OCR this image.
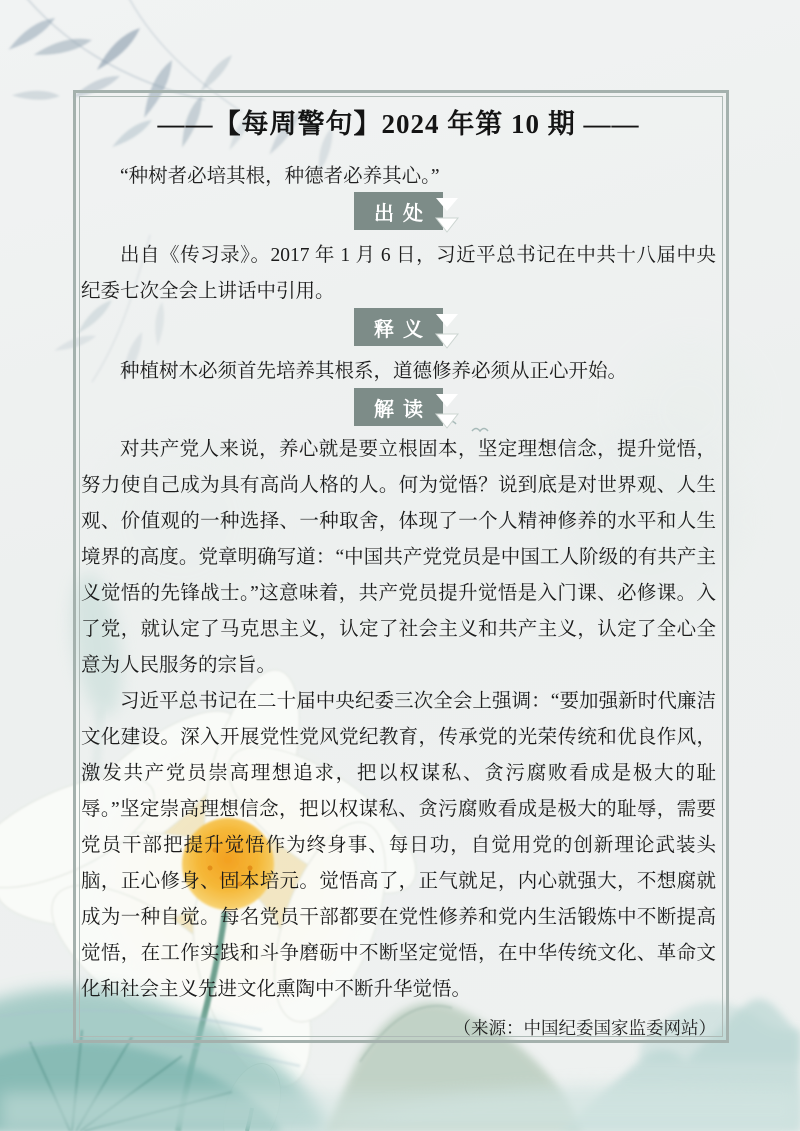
——【每周警句】2024 年第 10 期 ——

“种树者必培其根，种德者必养其心。”

出处

出自《传习录》。2017 年 1 月 6 日，习近平总书记在中共十八届中央纪委七次全会上讲话中引用。

释义

种植树木必须首先培养其根系，道德修养必须从正心开始。

解读

对共产党人来说，养心就是要立根固本，坚定理想信念，提升觉悟，努力使自己成为具有高尚人格的人。何为觉悟？说到底是对世界观、人生观、价值观的一种选择、一种取舍，体现了一个人精神修养的水平和人生境界的高度。党章明确写道：“中国共产党党员是中国工人阶级的有共产主义觉悟的先锋战士。”这意味着，共产党员提升觉悟是入门课、必修课。入了党，就认定了马克思主义，认定了社会主义和共产主义，认定了全心全意为人民服务的宗旨。

习近平总书记在二十届中央纪委三次全会上强调：“要加强新时代廉洁文化建设。深入开展党性党风党纪教育，传承党的光荣传统和优良作风，激发共产党员崇高理想追求，把以权谋私、贪污腐败看成是极大的耻辱。”坚定崇高理想信念，把以权谋私、贪污腐败看成是极大的耻辱，需要党员干部把提升觉悟作为终身事、每日功，自觉用党的创新理论武装头脑，正心修身、固本培元。觉悟高了，正气就足，内心就强大，不想腐就成为一种自觉。每名党员干部都要在党性修养和党内生活锻炼中不断提高觉悟，在工作实践和斗争磨砺中不断坚定觉悟，在中华传统文化、革命文化和社会主义先进文化熏陶中不断升华觉悟。

（来源：中国纪委国家监委网站）
